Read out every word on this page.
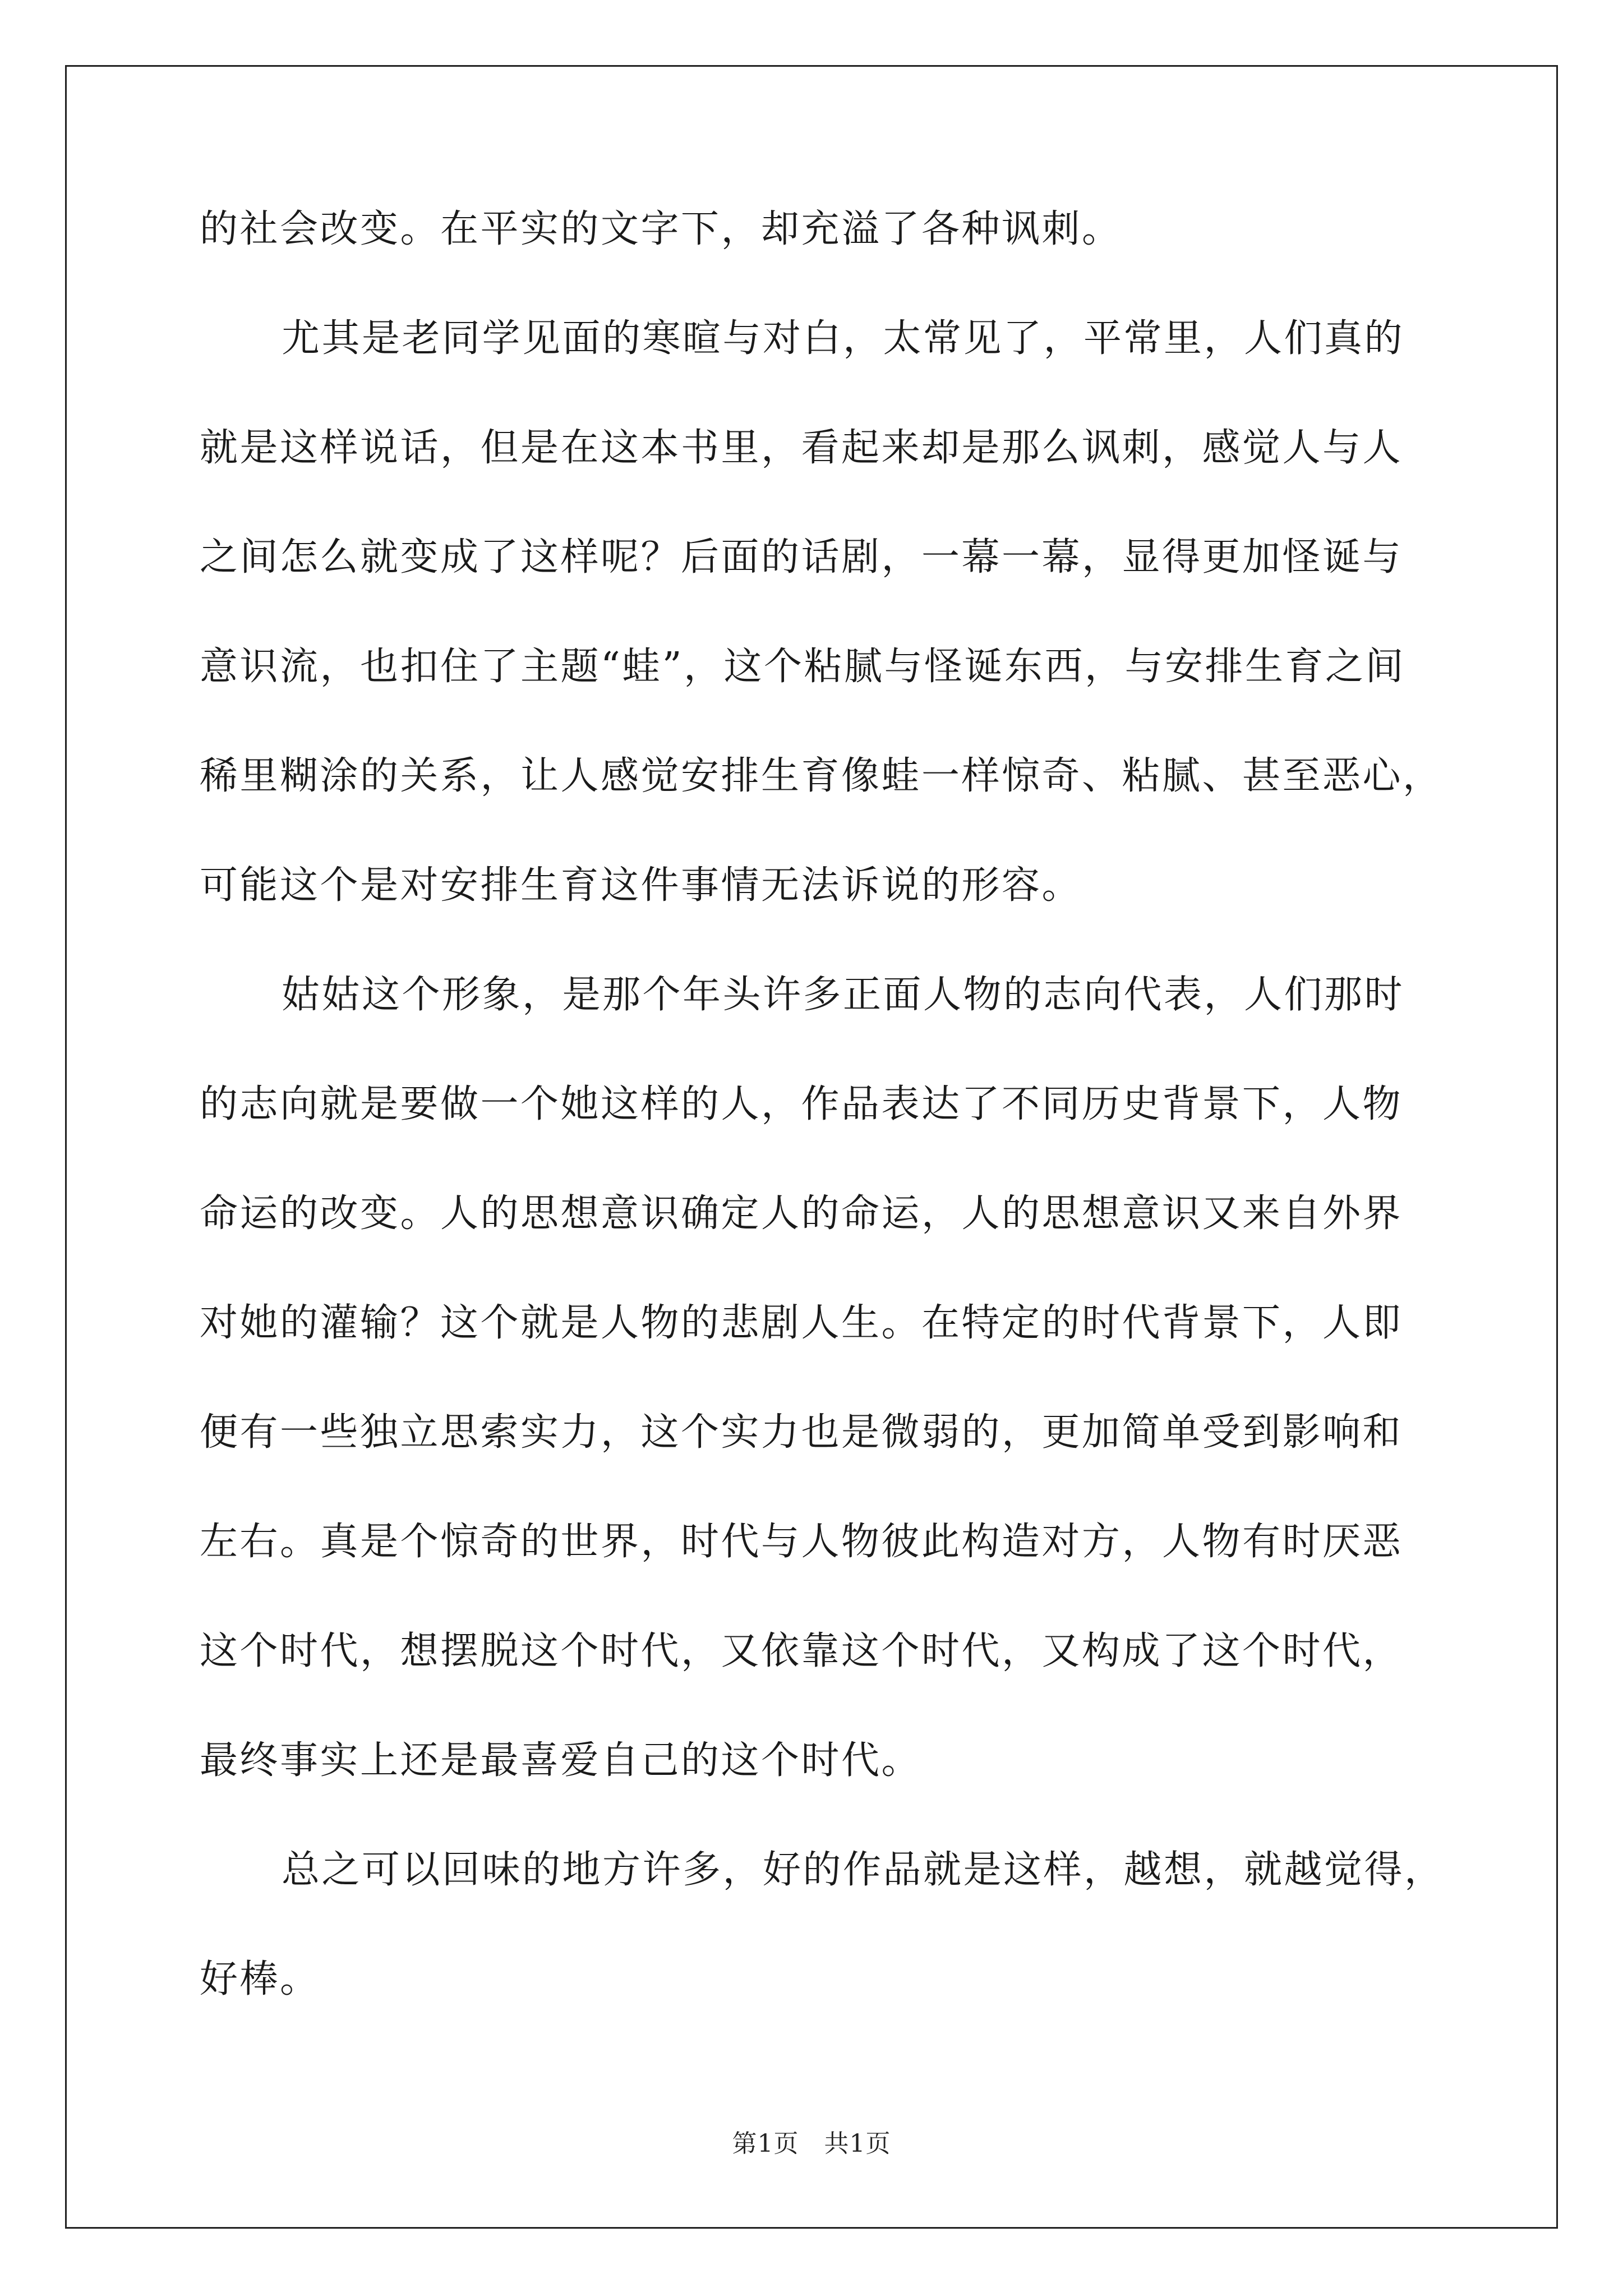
的社会改变。在平实的文字下，却充溢了各种讽刺。

尤其是老同学见面的寒暄与对白，太常见了，平常里，人们真的
就是这样说话，但是在这本书里，看起来却是那么讽刺，感觉人与人
之间怎么就变成了这样呢？后面的话剧，一幕一幕，显得更加怪诞与
意识流，也扣住了主题“蛙”，这个粘腻与怪诞东西，与安排生育之间
稀里糊涂的关系，让人感觉安排生育像蛙一样惊奇、粘腻、甚至恶心，
可能这个是对安排生育这件事情无法诉说的形容。

姑姑这个形象，是那个年头许多正面人物的志向代表，人们那时
的志向就是要做一个她这样的人，作品表达了不同历史背景下，人物
命运的改变。人的思想意识确定人的命运，人的思想意识又来自外界
对她的灌输？这个就是人物的悲剧人生。在特定的时代背景下，人即
便有一些独立思索实力，这个实力也是微弱的，更加简单受到影响和
左右。真是个惊奇的世界，时代与人物彼此构造对方，人物有时厌恶
这个时代，想摆脱这个时代，又依靠这个时代，又构成了这个时代，
最终事实上还是最喜爱自己的这个时代。

总之可以回味的地方许多，好的作品就是这样，越想，就越觉得，
好棒。

第1页　共1页
